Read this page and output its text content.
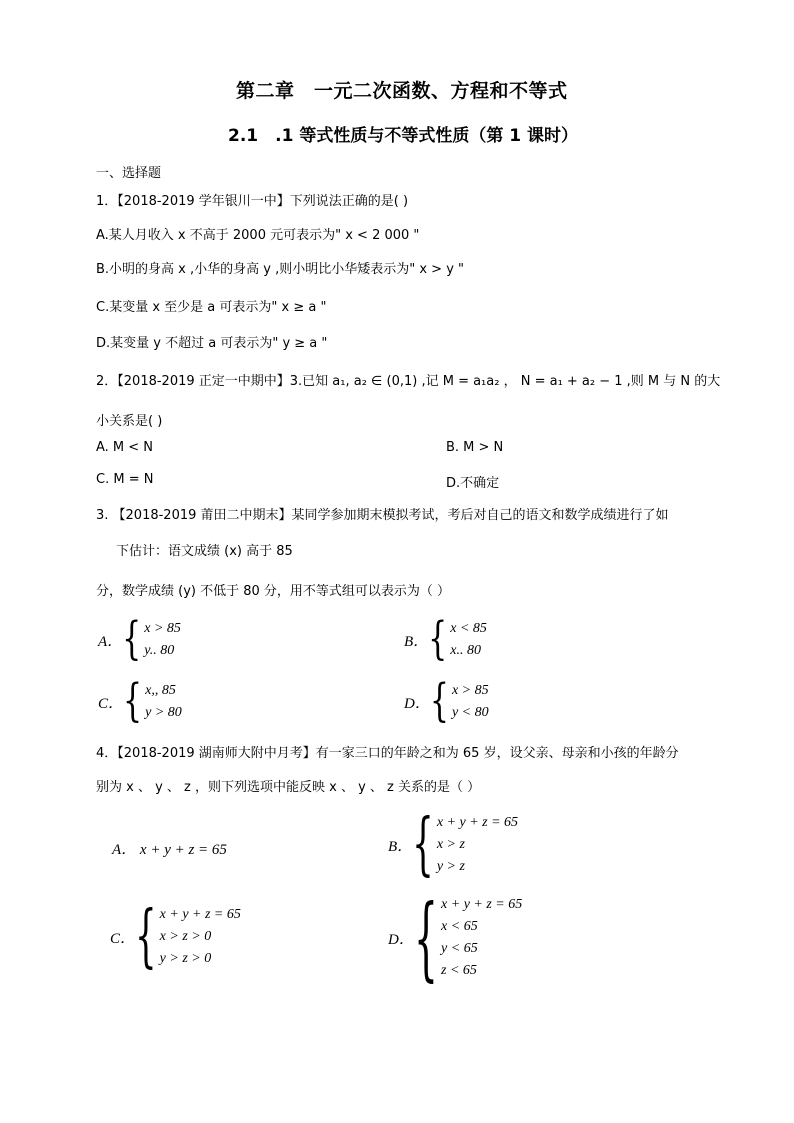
第二章　一元二次函数、方程和不等式
2.1　.1 等式性质与不等式性质（第 1 课时）
一、选择题
1．【2018-2019 学年银川一中】下列说法正确的是( )
A.某人月收入 x 不高于 2000 元可表示为" x < 2 000 "
B.小明的身高 x ,小华的身高 y ,则小明比小华矮表示为" x > y "
C.某变量 x 至少是 a 可表示为" x ≥ a "
D.某变量 y 不超过 a 可表示为" y ≥ a "
2．【2018-2019 正定一中期中】3.已知 a₁, a₂ ∈ (0,1) ,记 M = a₁a₂ ， N = a₁ + a₂ − 1 ,则 M 与 N 的大
小关系是( )
A. M < N	B. M > N
C. M = N	D.不确定
3. 【2018-2019 莆田二中期末】某同学参加期末模拟考试，考后对自己的语文和数学成绩进行了如
下估计：语文成绩 (x) 高于 85
分，数学成绩 (y) 不低于 80 分，用不等式组可以表示为（ ）
A． { x > 85
y.. 80
B． { x < 85
x.. 80
C． { x,, 85
y > 80
D． { x > 85
y < 80
4．【2018-2019 湖南师大附中月考】有一家三口的年龄之和为 65 岁，设父亲、母亲和小孩的年龄分
别为 x 、 y 、 z ，则下列选项中能反映 x 、 y 、 z 关系的是（ ）
A． x + y + z = 65	B． { x + y + z = 65
x > z
y > z
C． { x + y + z = 65
x > z > 0
y > z > 0
D． { x + y + z = 65
x < 65
y < 65
z < 65
